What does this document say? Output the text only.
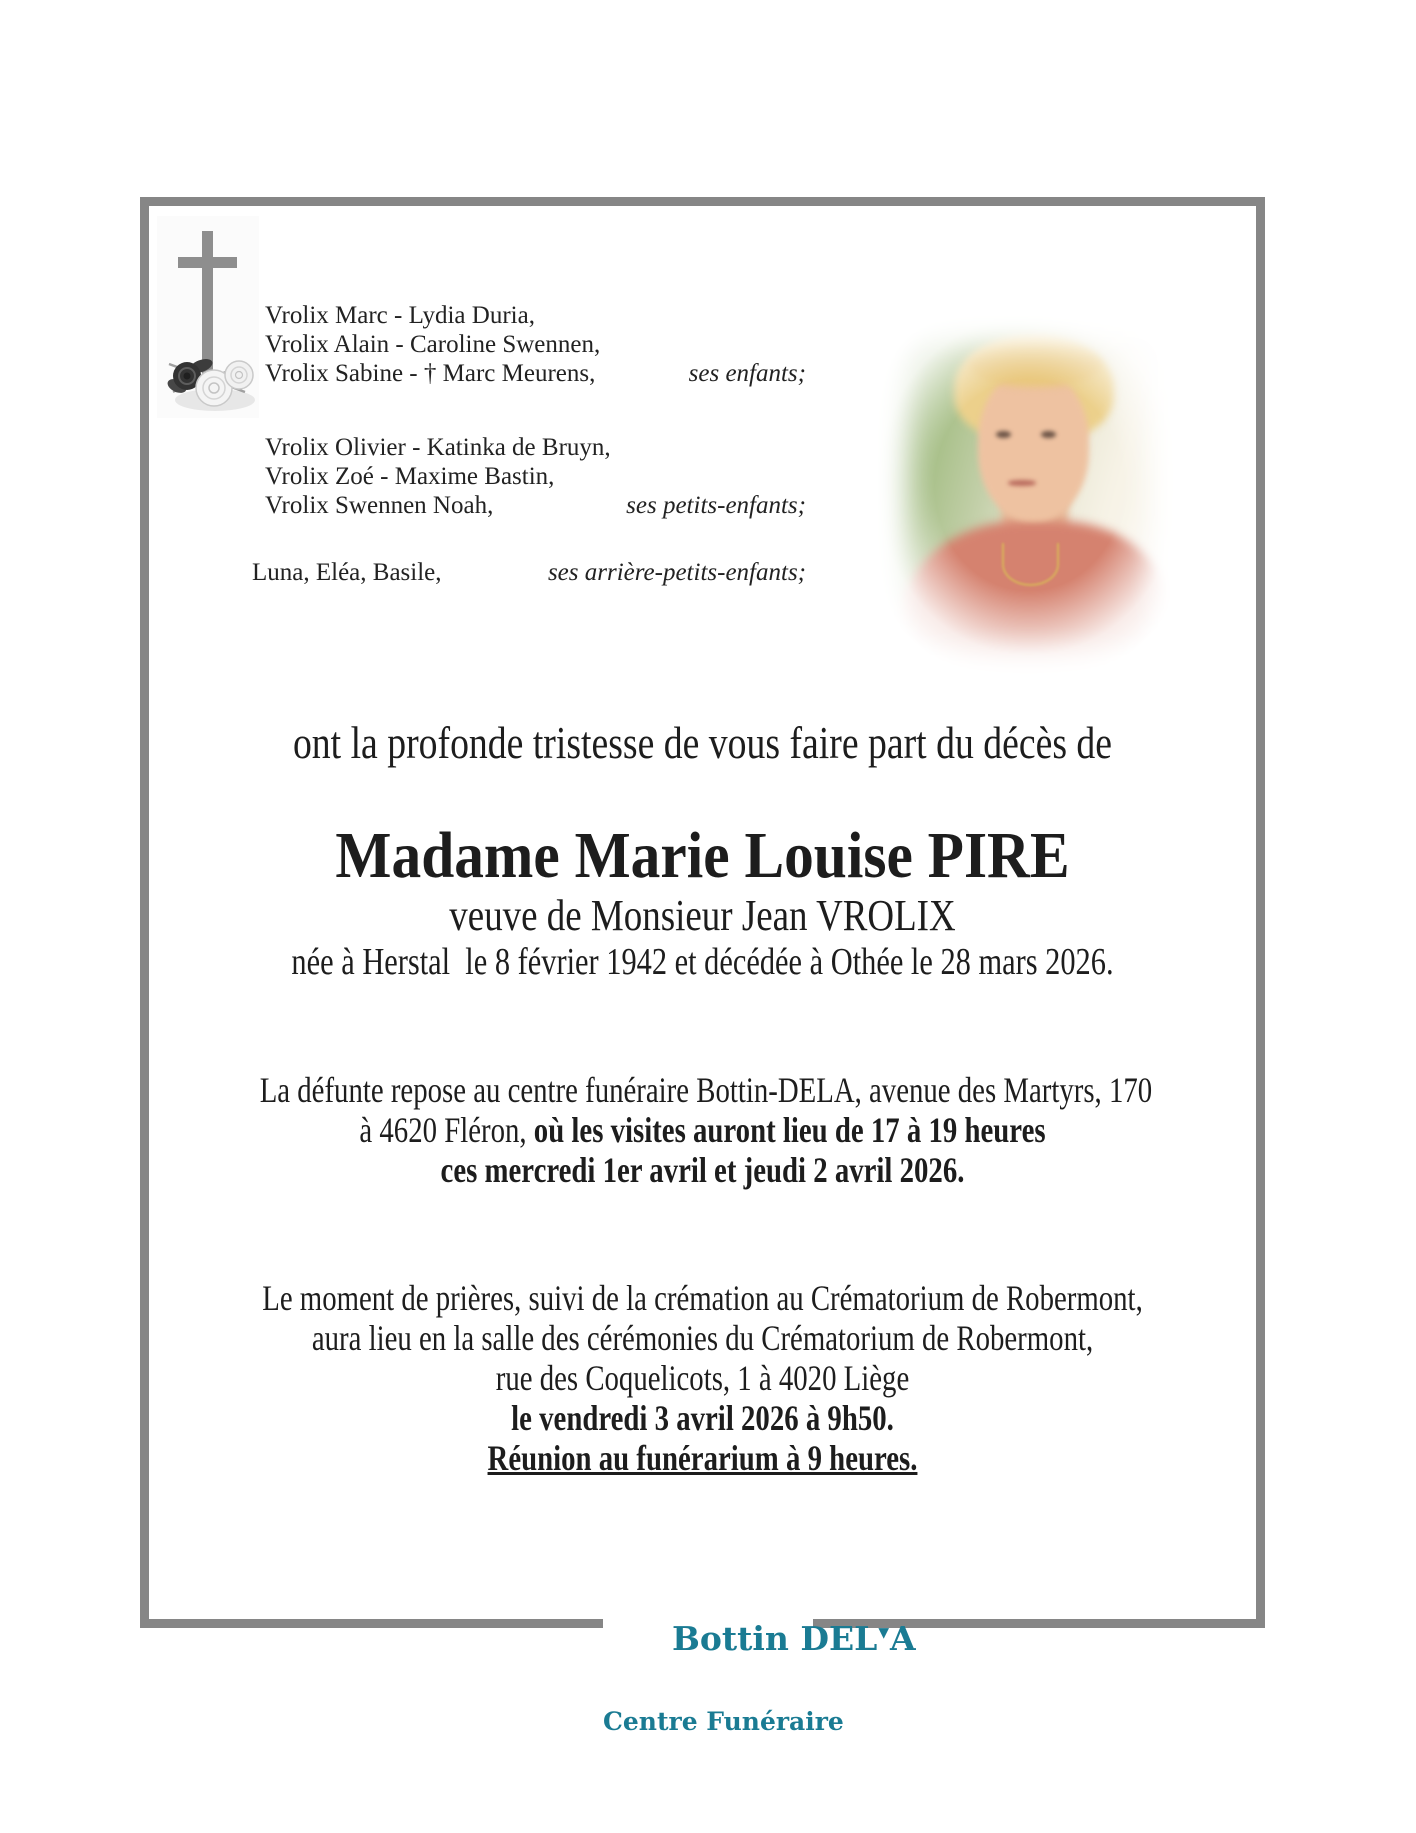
Vrolix Marc - Lydia Duria,
Vrolix Alain - Caroline Swennen,
Vrolix Sabine - † Marc Meurens,	ses enfants;
Vrolix Olivier - Katinka de Bruyn,
Vrolix Zoé - Maxime Bastin,
Vrolix Swennen Noah,	ses petits-enfants;
Luna, Eléa, Basile,	ses arrière-petits-enfants;
ont la profonde tristesse de vous faire part du décès de
Madame Marie Louise PIRE
veuve de Monsieur Jean VROLIX
née à Herstal  le 8 février 1942 et décédée à Othée le 28 mars 2026.
La défunte repose au centre funéraire Bottin-DELA, avenue des Martyrs, 170
à 4620 Fléron, où les visites auront lieu de 17 à 19 heures
ces mercredi 1er avril et jeudi 2 avril 2026.
Le moment de prières, suivi de la crémation au Crématorium de Robermont,
aura lieu en la salle des cérémonies du Crématorium de Robermont,
rue des Coquelicots, 1 à 4020 Liège
le vendredi 3 avril 2026 à 9h50.
Réunion au funérarium à 9 heures.

Bottin DEL▼A

Centre Funéraire
